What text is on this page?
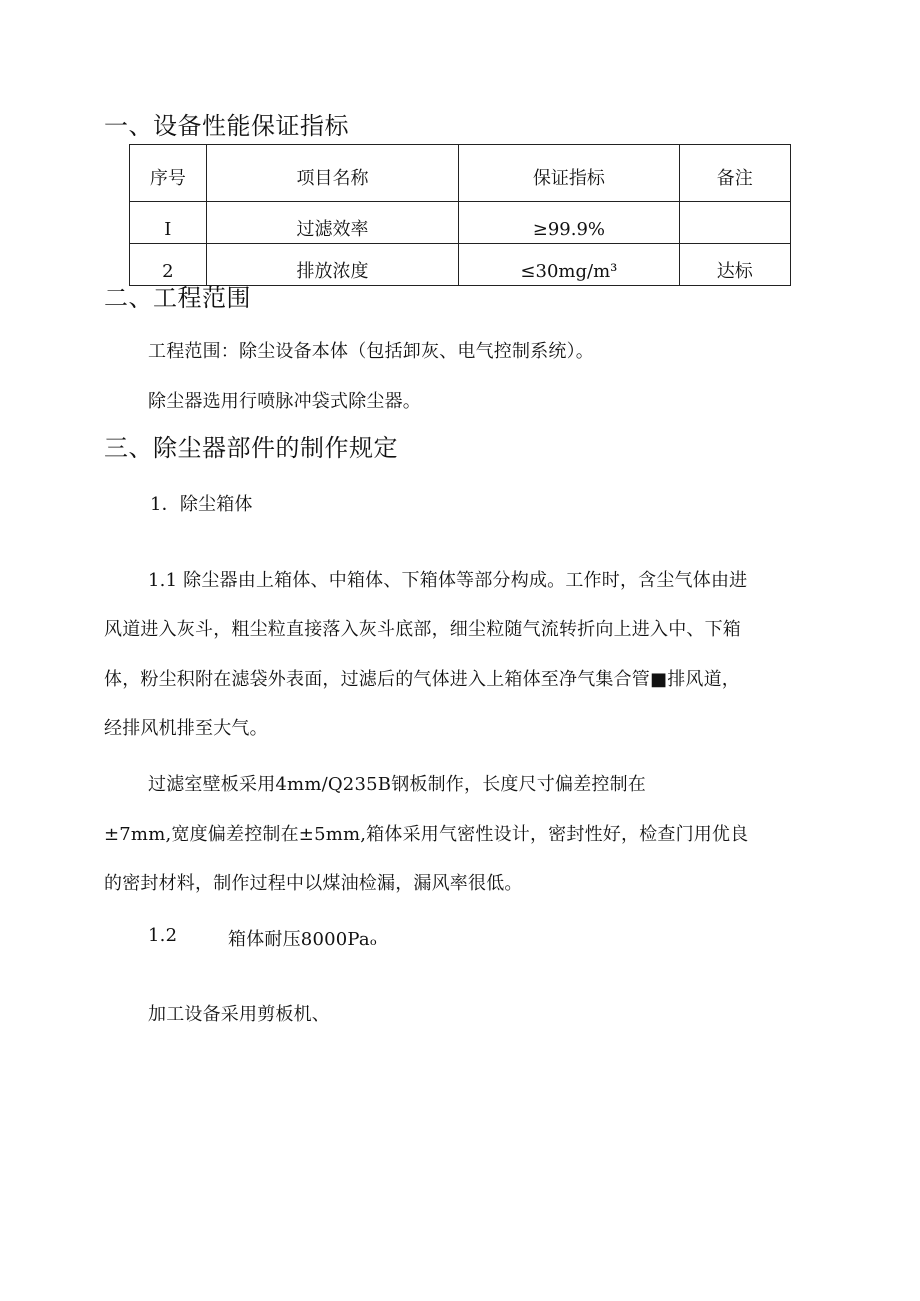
一、设备性能保证指标
序号	项目名称	保证指标	备注
I	过滤效率	≥99.9%	
2	排放浓度	≤30mg/m³	达标
二、工程范围
工程范围：除尘设备本体（包括卸灰、电气控制系统）。
除尘器选用行喷脉冲袋式除尘器。
三、除尘器部件的制作规定
1．除尘箱体
1.1 除尘器由上箱体、中箱体、下箱体等部分构成。工作时，含尘气体由进
风道进入灰斗，粗尘粒直接落入灰斗底部，细尘粒随气流转折向上进入中、下箱
体，粉尘积附在滤袋外表面，过滤后的气体进入上箱体至净气集合管■排风道，
经排风机排至大气。
过滤室壁板采用4mm∕Q235B钢板制作，长度尺寸偏差控制在
±7mm,宽度偏差控制在±5mm,箱体采用气密性设计，密封性好，检查门用优良
的密封材料，制作过程中以煤油检漏，漏风率很低。
1.2	箱体耐压8000Paₒ
加工设备采用剪板机、
